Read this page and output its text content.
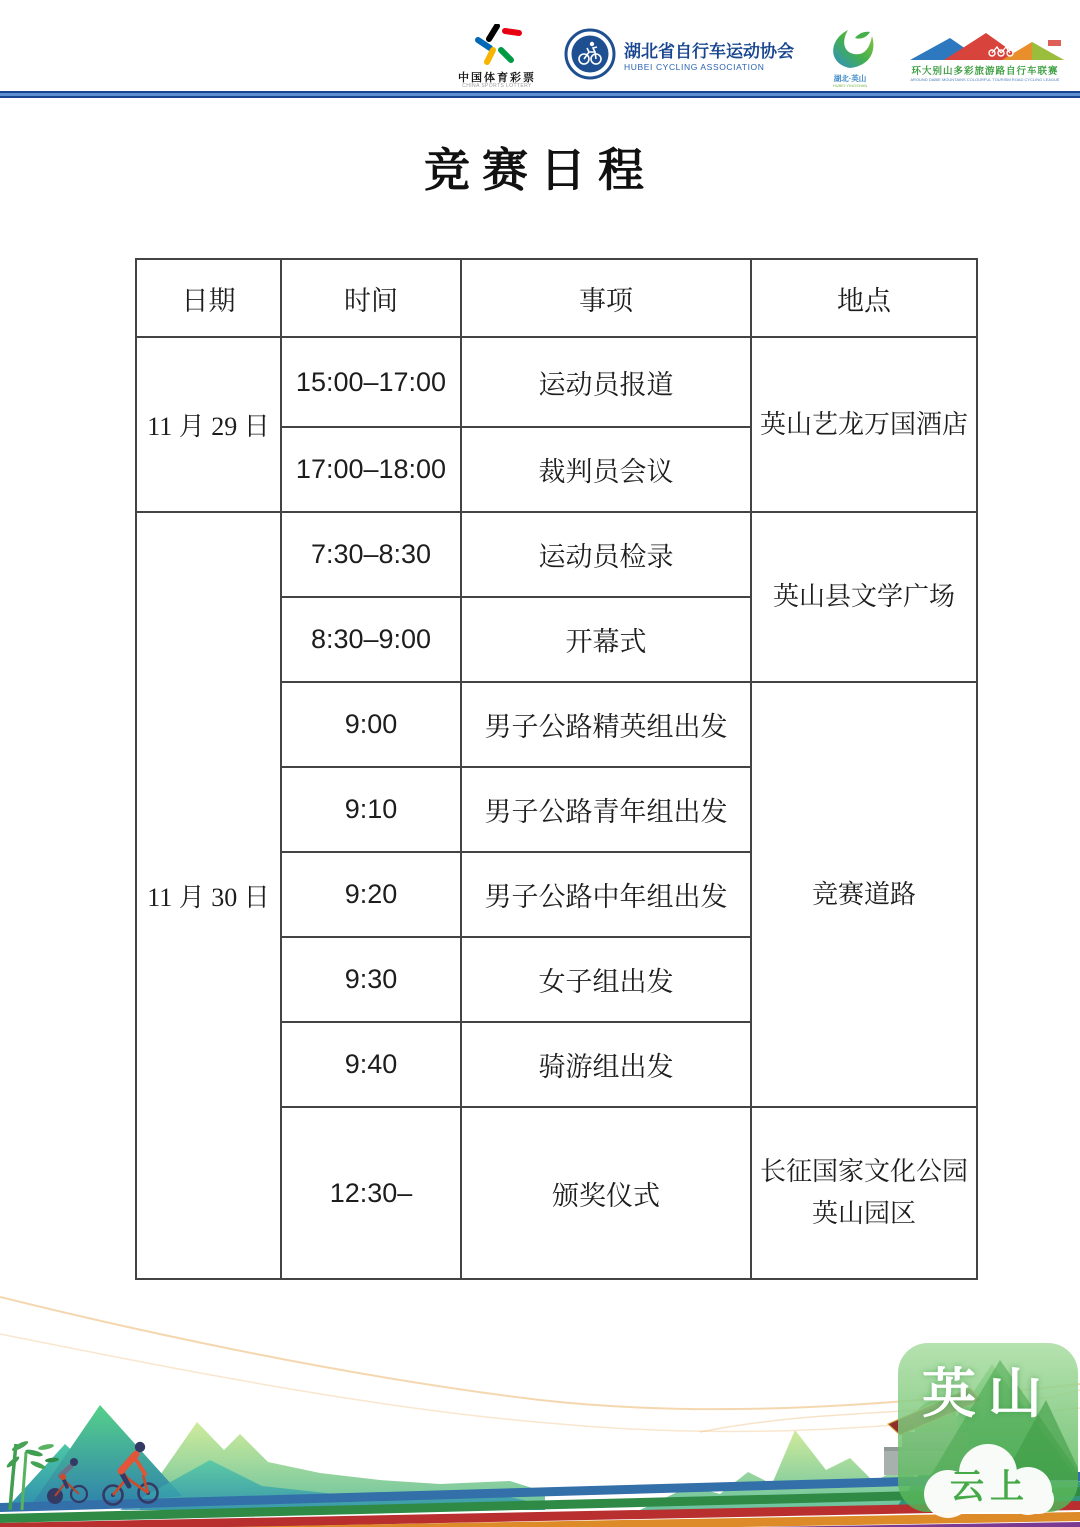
中国体育彩票
CHINA SPORTS LOTTERY
湖北省自行车运动协会
HUBEI CYCLING ASSOCIATION
湖北·英山
HUBEI·YINGSHAN
环大别山多彩旅游路自行车联赛
AROUND DABIE MOUNTAINS COLOURFUL TOURISM ROAD CYCLING LEAGUE
竞赛日程
日期	时间	事项	地点
11 月 29 日	15:00–17:00	运动员报道	英山艺龙万国酒店
	17:00–18:00	裁判员会议	
11 月 30 日	7:30–8:30	运动员检录	英山县文学广场
	8:30–9:00	开幕式	
	9:00	男子公路精英组出发	竞赛道路
	9:10	男子公路青年组出发	
	9:20	男子公路中年组出发	
	9:30	女子组出发	
	9:40	骑游组出发	
	12:30–	颁奖仪式	长征国家文化公园英山园区
英山
云上
